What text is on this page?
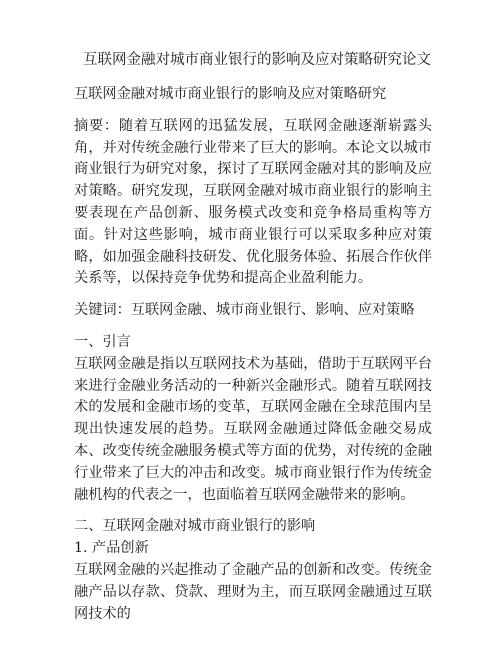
互联网金融对城市商业银行的影响及应对策略研究论文

互联网金融对城市商业银行的影响及应对策略研究

摘要：随着互联网的迅猛发展，互联网金融逐渐崭露头角，并对传统金融行业带来了巨大的影响。本论文以城市商业银行为研究对象，探讨了互联网金融对其的影响及应对策略。研究发现，互联网金融对城市商业银行的影响主要表现在产品创新、服务模式改变和竞争格局重构等方面。针对这些影响，城市商业银行可以采取多种应对策略，如加强金融科技研发、优化服务体验、拓展合作伙伴关系等，以保持竞争优势和提高企业盈利能力。

关键词：互联网金融、城市商业银行、影响、应对策略

一、引言

互联网金融是指以互联网技术为基础，借助于互联网平台来进行金融业务活动的一种新兴金融形式。随着互联网技术的发展和金融市场的变革，互联网金融在全球范围内呈现出快速发展的趋势。互联网金融通过降低金融交易成本、改变传统金融服务模式等方面的优势，对传统的金融行业带来了巨大的冲击和改变。城市商业银行作为传统金融机构的代表之一，也面临着互联网金融带来的影响。

二、互联网金融对城市商业银行的影响

1. 产品创新

互联网金融的兴起推动了金融产品的创新和改变。传统金融产品以存款、贷款、理财为主，而互联网金融通过互联网技术的
